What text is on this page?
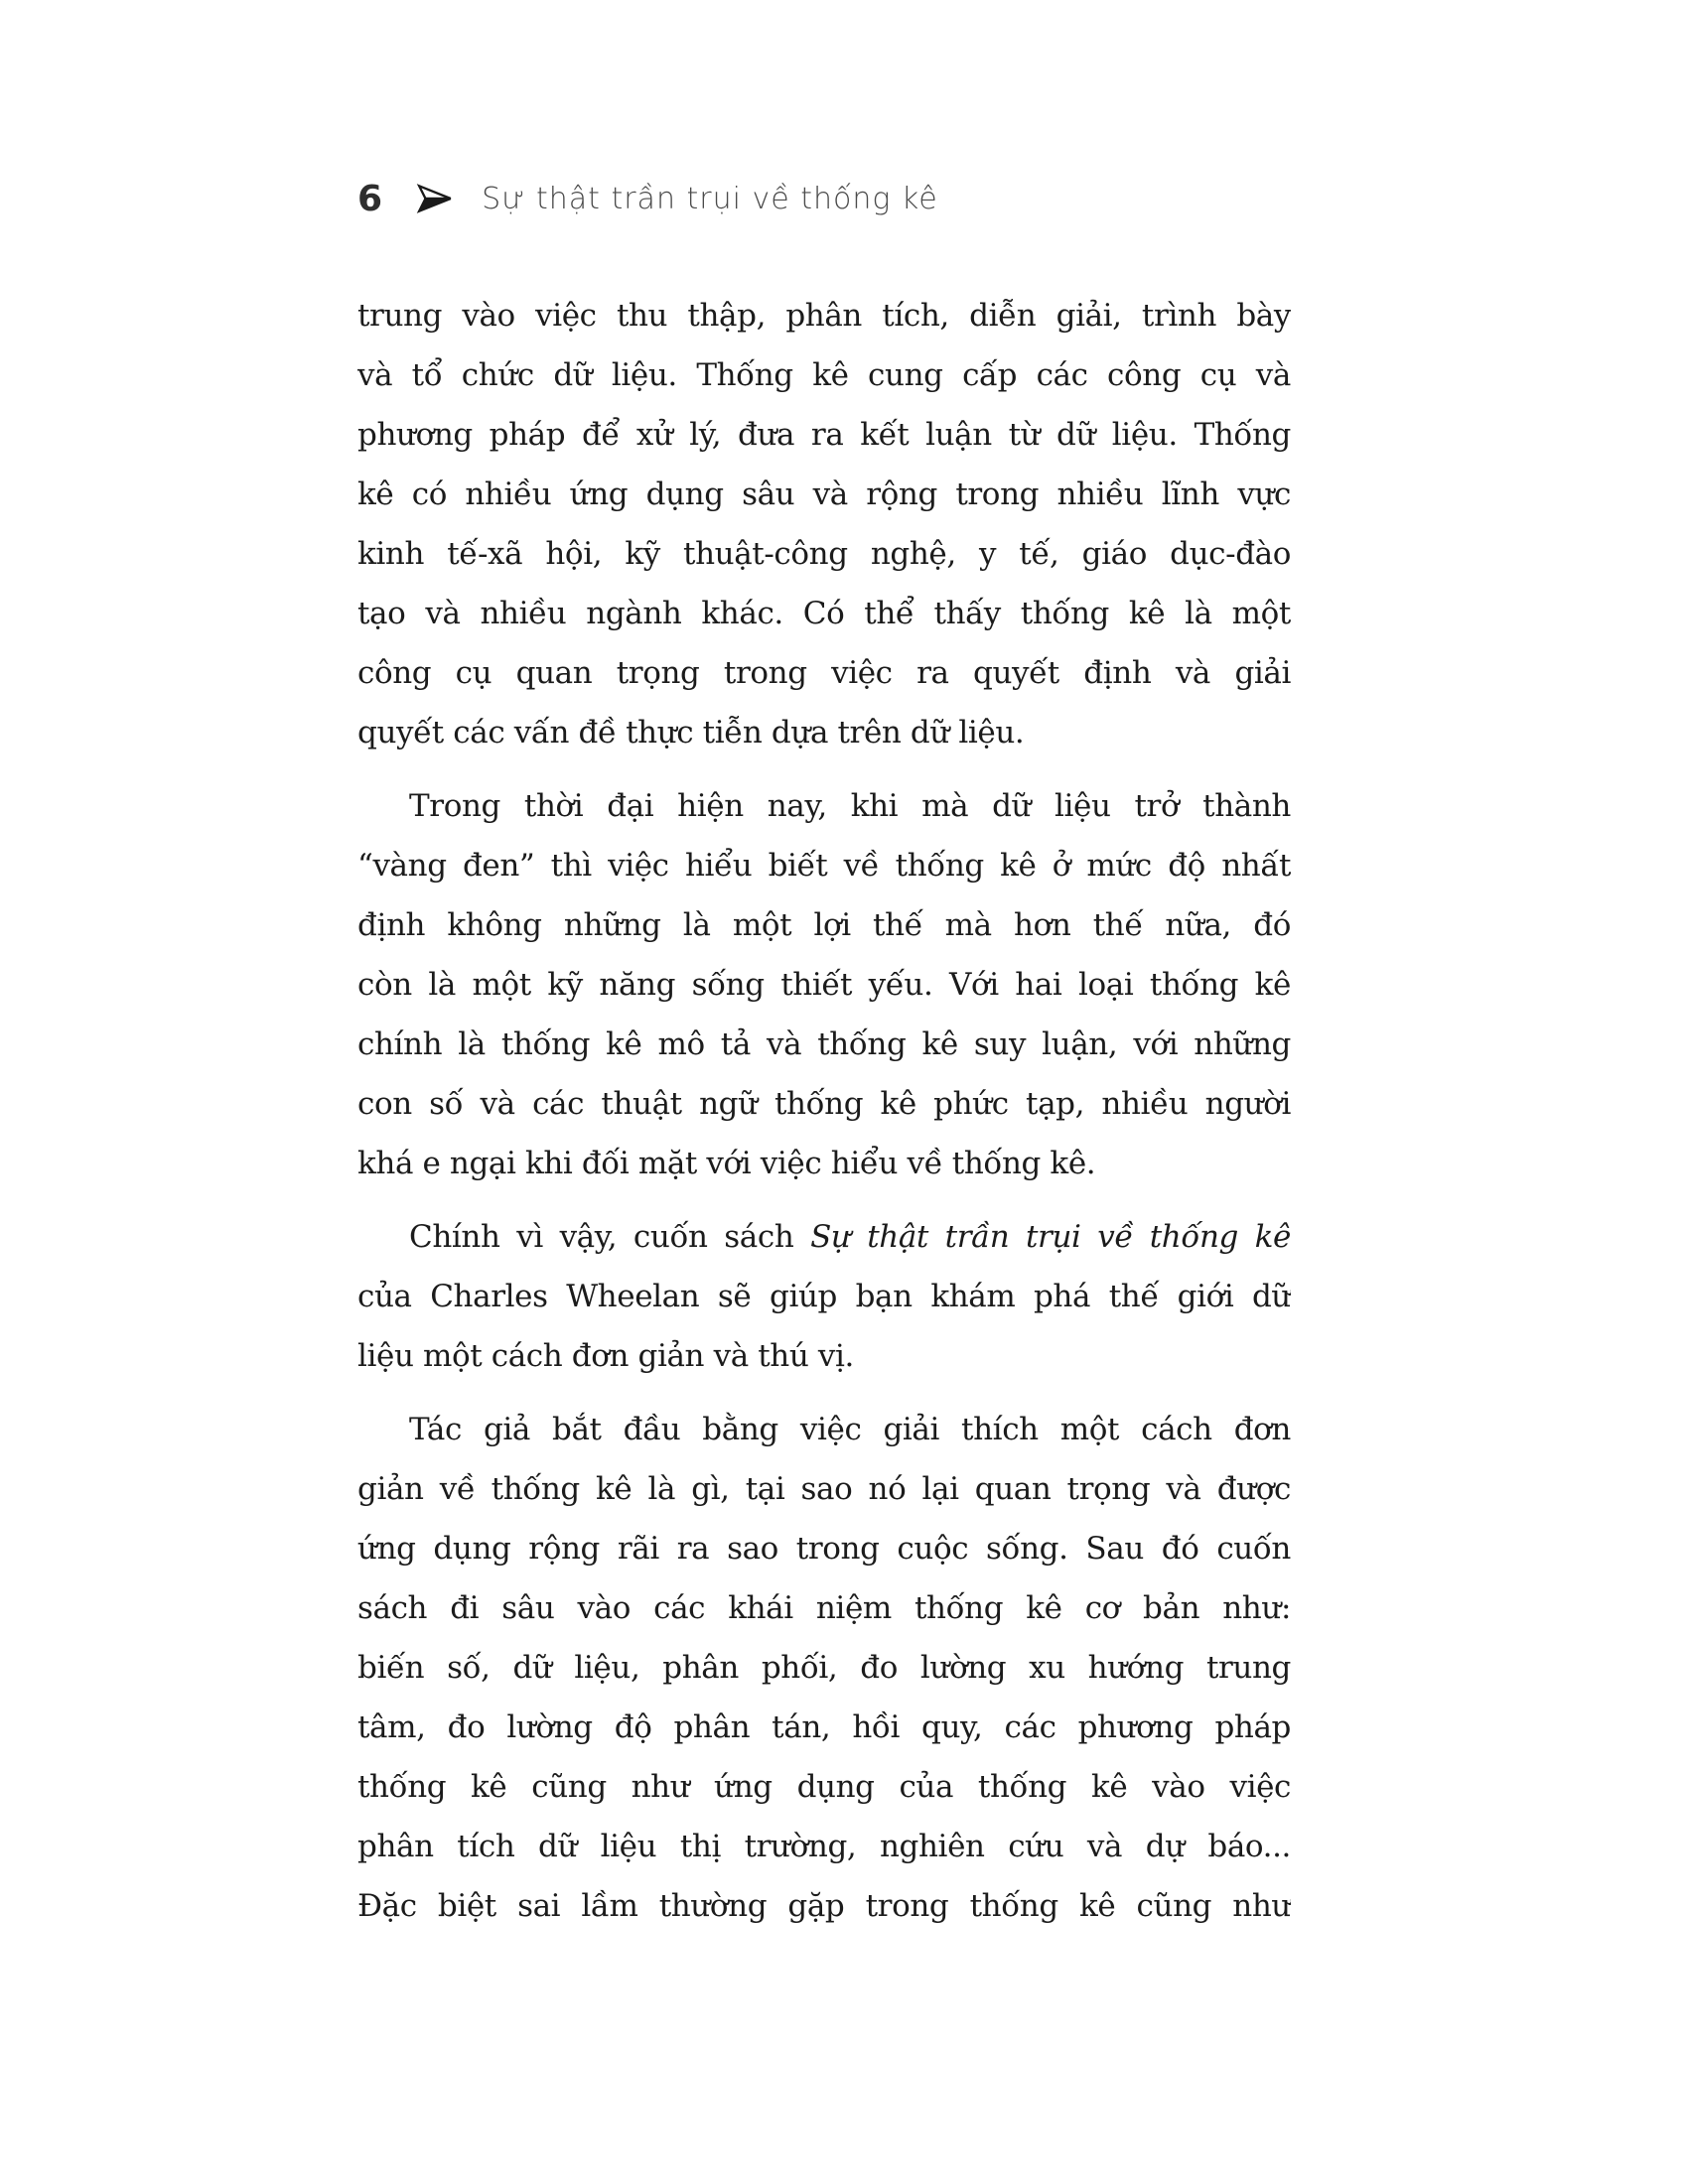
6	Sự thật trần trụi về thống kê
trung vào việc thu thập, phân tích, diễn giải, trình bày
và tổ chức dữ liệu. Thống kê cung cấp các công cụ và
phương pháp để xử lý, đưa ra kết luận từ dữ liệu. Thống
kê có nhiều ứng dụng sâu và rộng trong nhiều lĩnh vực
kinh tế-xã hội, kỹ thuật-công nghệ, y tế, giáo dục-đào
tạo và nhiều ngành khác. Có thể thấy thống kê là một
công cụ quan trọng trong việc ra quyết định và giải
quyết các vấn đề thực tiễn dựa trên dữ liệu.
Trong thời đại hiện nay, khi mà dữ liệu trở thành
“vàng đen” thì việc hiểu biết về thống kê ở mức độ nhất
định không những là một lợi thế mà hơn thế nữa, đó
còn là một kỹ năng sống thiết yếu. Với hai loại thống kê
chính là thống kê mô tả và thống kê suy luận, với những
con số và các thuật ngữ thống kê phức tạp, nhiều người
khá e ngại khi đối mặt với việc hiểu về thống kê.
Chính vì vậy, cuốn sách Sự thật trần trụi về thống kê
của Charles Wheelan sẽ giúp bạn khám phá thế giới dữ
liệu một cách đơn giản và thú vị.
Tác giả bắt đầu bằng việc giải thích một cách đơn
giản về thống kê là gì, tại sao nó lại quan trọng và được
ứng dụng rộng rãi ra sao trong cuộc sống. Sau đó cuốn
sách đi sâu vào các khái niệm thống kê cơ bản như:
biến số, dữ liệu, phân phối, đo lường xu hướng trung
tâm, đo lường độ phân tán, hồi quy, các phương pháp
thống kê cũng như ứng dụng của thống kê vào việc
phân tích dữ liệu thị trường, nghiên cứu và dự báo...
Đặc biệt sai lầm thường gặp trong thống kê cũng như
